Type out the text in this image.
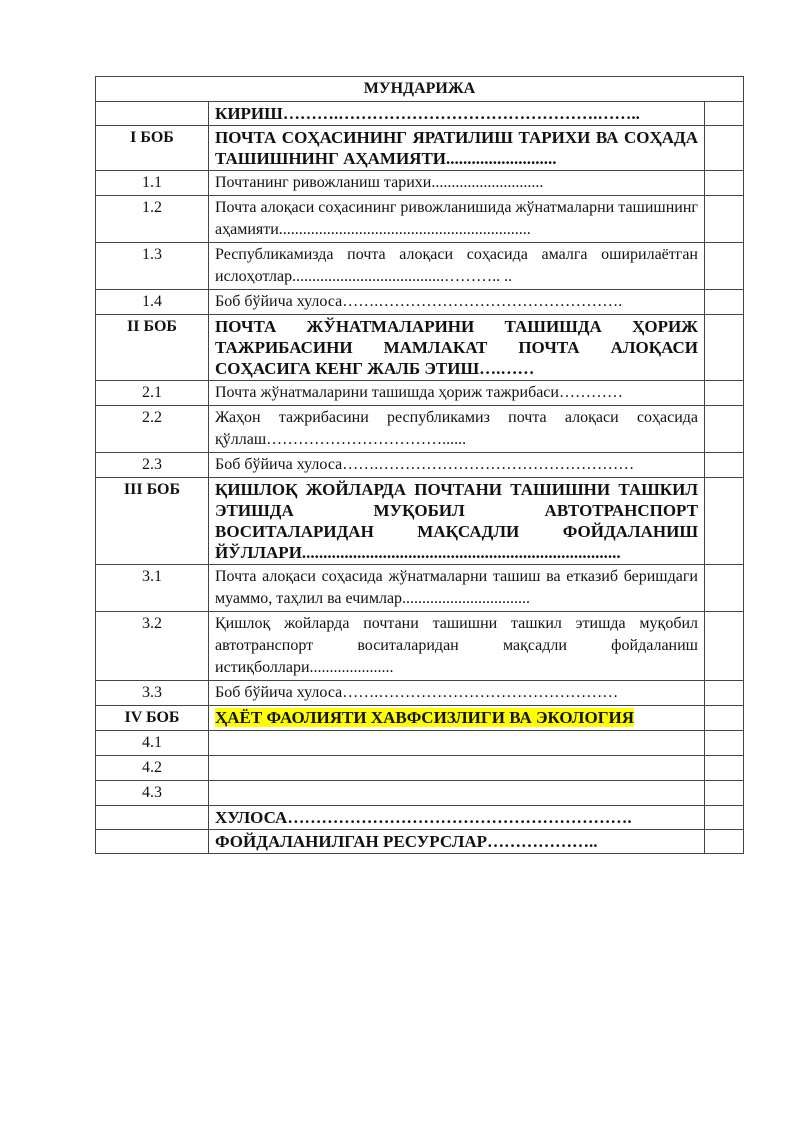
МУНДАРИЖА		
	КИРИШ……….……………………………………….……..	
I БОБ	ПОЧТА СОҲАСИНИНГ ЯРАТИЛИШ ТАРИХИ ВА СОҲАДА ТАШИШНИНГ АҲАМИЯТИ..........................	
1.1	Почтанинг ривожланиш тарихи............................	
1.2	Почта алоқаси соҳасининг ривожланишида жўнатмаларни ташишнинг аҳамияти...............................................................	
1.3	Республикамизда почта алоқаси соҳасида амалга оширилаётган ислоҳотлар......................................……….. ..	
1.4	Боб бўйича хулоса…….……………………………………….	
II БОБ	ПОЧТА ЖЎНАТМАЛАРИНИ ТАШИШДА ҲОРИЖ ТАЖРИБАСИНИ МАМЛАКАТ ПОЧТА АЛОҚАСИ СОҲАСИГА КЕНГ ЖАЛБ ЭТИШ….……	
2.1	Почта жўнатмаларини ташишда ҳориж тажрибаси…………	
2.2	Жаҳон тажрибасини республикамиз почта алоқаси соҳасида қўллаш……………………………......	
2.3	Боб бўйича хулоса…….…………………………………………	
III БОБ	ҚИШЛОҚ ЖОЙЛАРДА ПОЧТАНИ ТАШИШНИ ТАШКИЛ ЭТИШДА МУҚОБИЛ АВТОТРАНСПОРТ ВОСИТАЛАРИДАН МАҚСАДЛИ ФОЙДАЛАНИШ ЙЎЛЛАРИ...........................................................................	
3.1	Почта алоқаси соҳасида жўнатмаларни ташиш ва етказиб беришдаги муаммо, таҳлил ва ечимлар................................	
3.2	Қишлоқ жойларда почтани ташишни ташкил этишда муқобил автотранспорт воситаларидан мақсадли фойдаланиш истиқболлари.....................	
3.3	Боб бўйича хулоса…….………………………………………	
IV БОБ	ҲАЁТ ФАОЛИЯТИ ХАВФСИЗЛИГИ ВА ЭКОЛОГИЯ	
4.1		
4.2		
4.3		
	ХУЛОСА…………………………………………………….	
	ФОЙДАЛАНИЛГАН РЕСУРСЛАР………………..	
